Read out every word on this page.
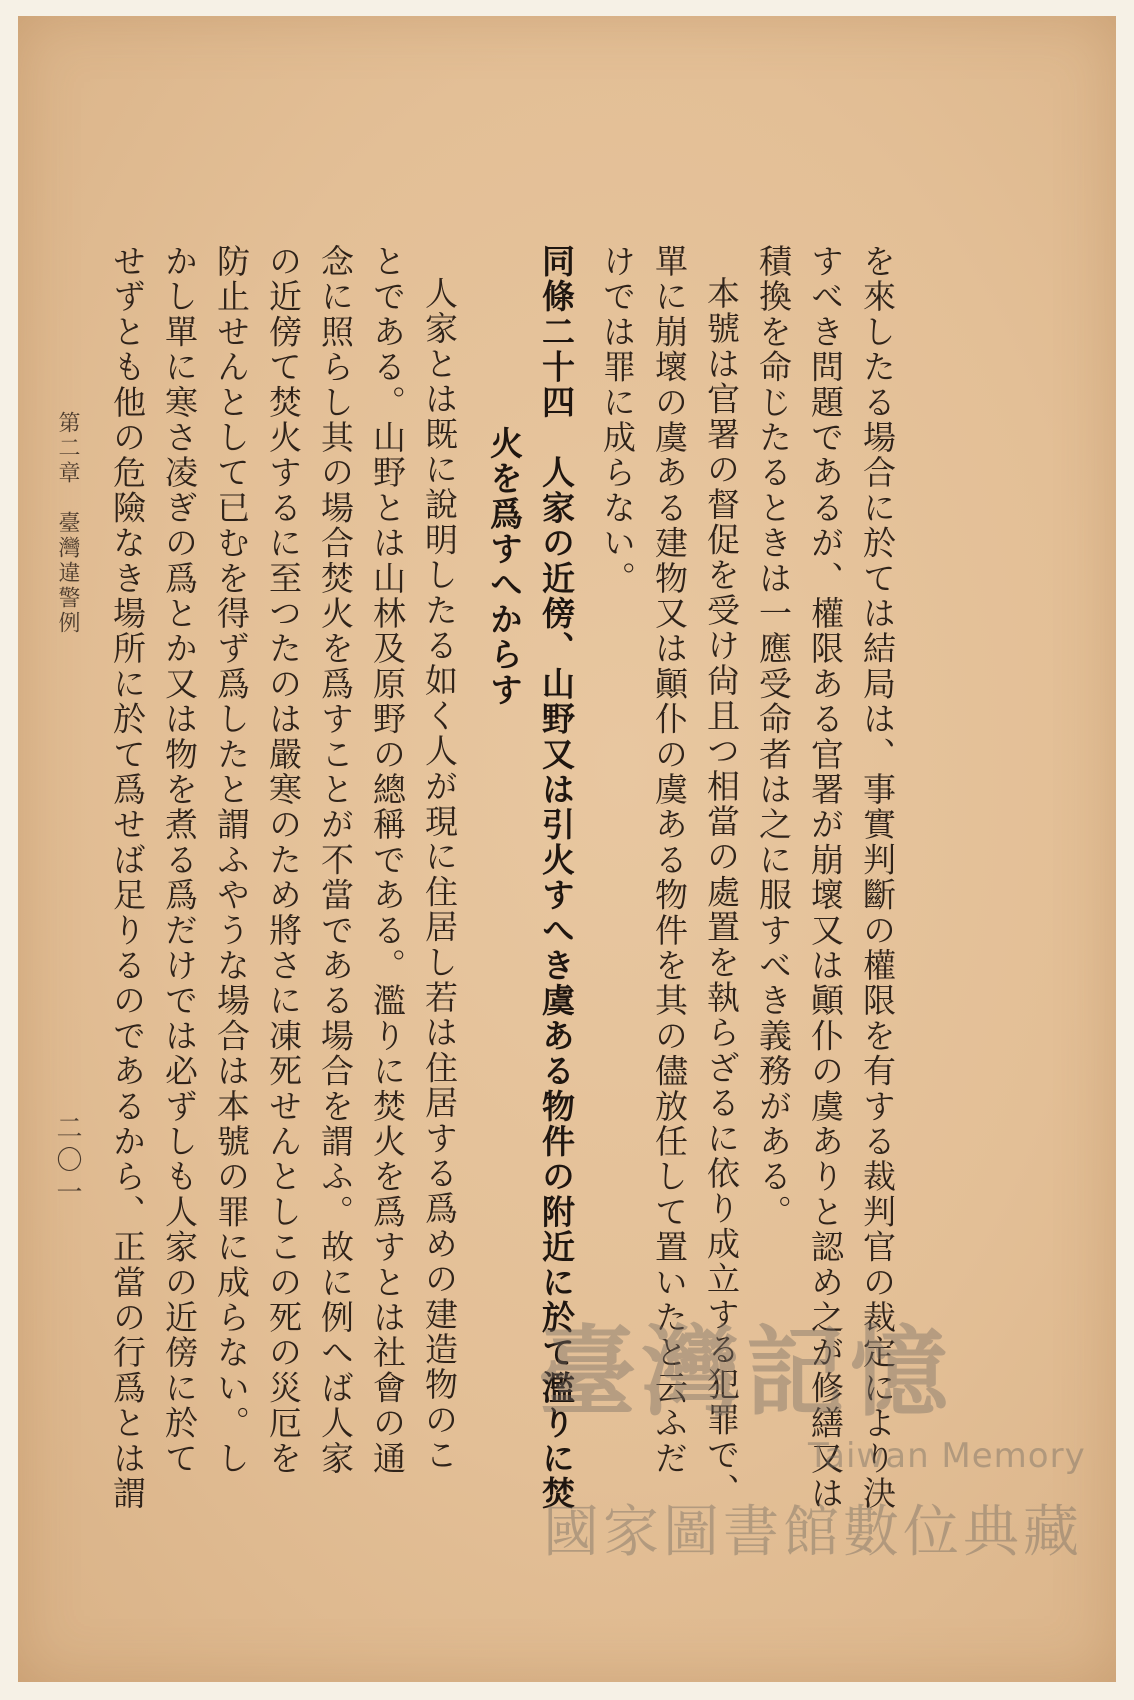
を來したる場合に於ては結局は、事實判斷の權限を有する裁判官の裁定により決
すべき問題であるが、權限ある官署が崩壞又は顚仆の虞ありと認め之が修繕又は
積換を命じたるときは一應受命者は之に服すべき義務がある。
本號は官署の督促を受け尙且つ相當の處置を執らざるに依り成立する犯罪で、
單に崩壞の虞ある建物又は顚仆の虞ある物件を其の儘放任して置いたと云ふだ
けでは罪に成らない。
同條二十四　人家の近傍、山野又は引火すへき虞ある物件の附近に於て濫りに焚
火を爲すへからす
人家とは既に說明したる如く人が現に住居し若は住居する爲めの建造物のこ
とである。山野とは山林及原野の總稱である。濫りに焚火を爲すとは社會の通
念に照らし其の場合焚火を爲すことが不當である場合を謂ふ。故に例へば人家
の近傍て焚火するに至つたのは嚴寒のため將さに凍死せんとしこの死の災厄を
防止せんとして已むを得ず爲したと謂ふやうな場合は本號の罪に成らない。し
かし單に寒さ凌ぎの爲とか又は物を煮る爲だけでは必ずしも人家の近傍に於て
せずとも他の危險なき場所に於て爲せば足りるのであるから、正當の行爲とは謂
第二章　臺灣違警例
二〇一
臺灣記憶
Taiwan Memory
國家圖書館數位典藏
